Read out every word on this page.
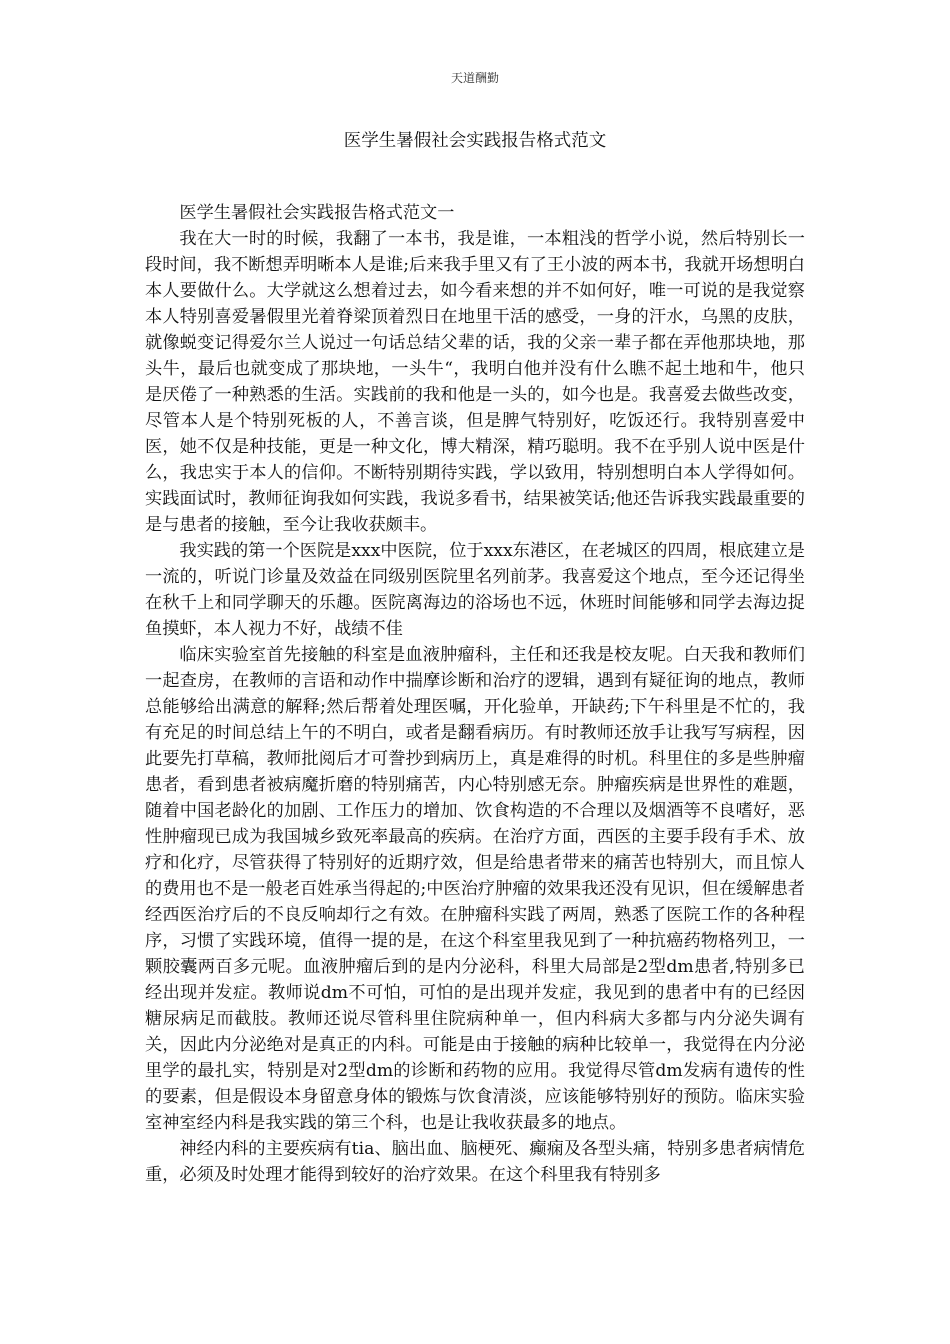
天道酬勤
医学生暑假社会实践报告格式范文

医学生暑假社会实践报告格式范文一

我在大一时的时候，我翻了一本书，我是谁，一本粗浅的哲学小说，然后特别长一段时间，我不断想弄明晰本人是谁;后来我手里又有了王小波的两本书，我就开场想明白本人要做什么。大学就这么想着过去，如今看来想的并不如何好，唯一可说的是我觉察本人特别喜爱暑假里光着脊梁顶着烈日在地里干活的感受，一身的汗水，乌黑的皮肤，就像蜕变记得爱尔兰人说过一句话总结父辈的话，我的父亲一辈子都在弄他那块地，那头牛，最后也就变成了那块地，一头牛“，我明白他并没有什么瞧不起土地和牛，他只是厌倦了一种熟悉的生活。实践前的我和他是一头的，如今也是。我喜爱去做些改变，尽管本人是个特别死板的人，不善言谈，但是脾气特别好，吃饭还行。我特别喜爱中医，她不仅是种技能，更是一种文化，博大精深，精巧聪明。我不在乎别人说中医是什么，我忠实于本人的信仰。不断特别期待实践，学以致用，特别想明白本人学得如何。实践面试时，教师征询我如何实践，我说多看书，结果被笑话;他还告诉我实践最重要的是与患者的接触，至今让我收获颇丰。

我实践的第一个医院是xxx中医院，位于xxx东港区，在老城区的四周，根底建立是一流的，听说门诊量及效益在同级别医院里名列前茅。我喜爱这个地点，至今还记得坐在秋千上和同学聊天的乐趣。医院离海边的浴场也不远，休班时间能够和同学去海边捉鱼摸虾，本人视力不好，战绩不佳

临床实验室首先接触的科室是血液肿瘤科，主任和还我是校友呢。白天我和教师们一起查房，在教师的言语和动作中揣摩诊断和治疗的逻辑，遇到有疑征询的地点，教师总能够给出满意的解释;然后帮着处理医嘱，开化验单，开缺药;下午科里是不忙的，我有充足的时间总结上午的不明白，或者是翻看病历。有时教师还放手让我写写病程，因此要先打草稿，教师批阅后才可誊抄到病历上，真是难得的时机。科里住的多是些肿瘤患者，看到患者被病魔折磨的特别痛苦，内心特别感无奈。肿瘤疾病是世界性的难题，随着中国老龄化的加剧、工作压力的增加、饮食构造的不合理以及烟酒等不良嗜好，恶性肿瘤现已成为我国城乡致死率最高的疾病。在治疗方面，西医的主要手段有手术、放疗和化疗，尽管获得了特别好的近期疗效，但是给患者带来的痛苦也特别大，而且惊人的费用也不是一般老百姓承当得起的;中医治疗肿瘤的效果我还没有见识，但在缓解患者经西医治疗后的不良反响却行之有效。在肿瘤科实践了两周，熟悉了医院工作的各种程序，习惯了实践环境，值得一提的是，在这个科室里我见到了一种抗癌药物格列卫，一颗胶囊两百多元呢。血液肿瘤后到的是内分泌科，科里大局部是2型dm患者,特别多已经出现并发症。教师说dm不可怕，可怕的是出现并发症，我见到的患者中有的已经因糖尿病足而截肢。教师还说尽管科里住院病种单一，但内科病大多都与内分泌失调有关，因此内分泌绝对是真正的内科。可能是由于接触的病种比较单一，我觉得在内分泌里学的最扎实，特别是对2型dm的诊断和药物的应用。我觉得尽管dm发病有遗传的性的要素，但是假设本身留意身体的锻炼与饮食清淡，应该能够特别好的预防。临床实验室神室经内科是我实践的第三个科，也是让我收获最多的地点。

神经内科的主要疾病有tia、脑出血、脑梗死、癫痫及各型头痛，特别多患者病情危重，必须及时处理才能得到较好的治疗效果。在这个科里我有特别多
